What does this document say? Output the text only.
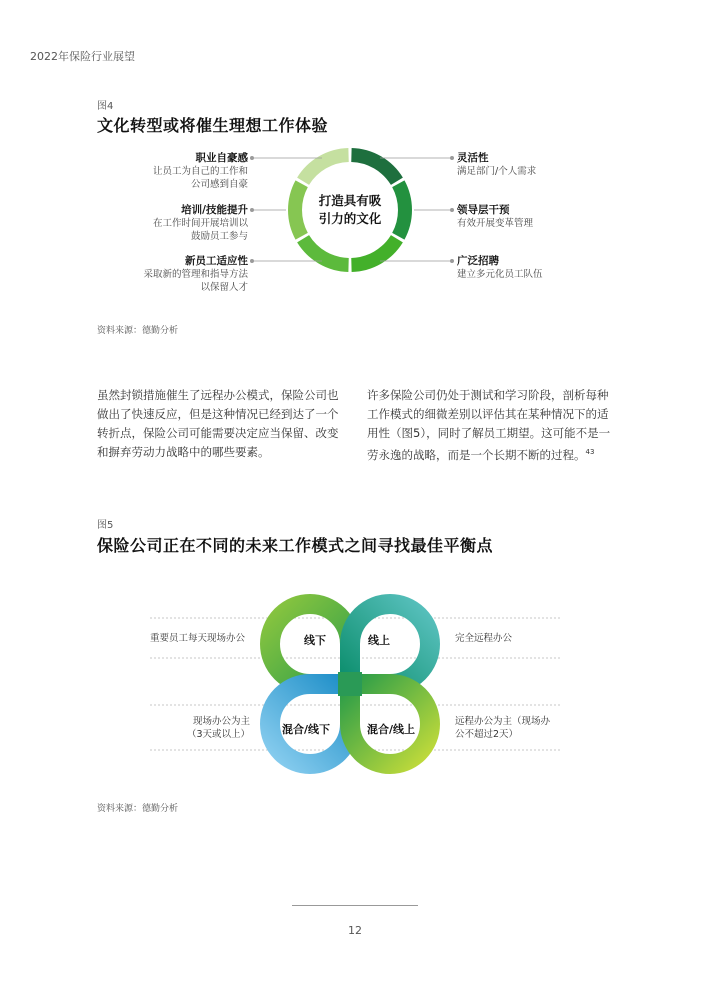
2022年保险行业展望
图4
文化转型或将催生理想工作体验
打造具有吸
引力的文化
职业自豪感
让员工为自己的工作和
公司感到自豪
培训/技能提升
在工作时间开展培训以
鼓励员工参与
新员工适应性
采取新的管理和指导方法
以保留人才
灵活性
满足部门/个人需求
领导层干预
有效开展变革管理
广泛招聘
建立多元化员工队伍
资料来源：德勤分析
虽然封锁措施催生了远程办公模式，保险公司也做出了快速反应，但是这种情况已经到达了一个转折点，保险公司可能需要决定应当保留、改变和摒弃劳动力战略中的哪些要素。
许多保险公司仍处于测试和学习阶段，剖析每种工作模式的细微差别以评估其在某种情况下的适用性（图5），同时了解员工期望。这可能不是一劳永逸的战略，而是一个长期不断的过程。$^{43}$
图5
保险公司正在不同的未来工作模式之间寻找最佳平衡点
线下	线上
混合/线下	混合/线上
重要员工每天现场办公	完全远程办公
现场办公为主
（3天或以上）
远程办公为主（现场办
公不超过2天）
资料来源：德勤分析
12
